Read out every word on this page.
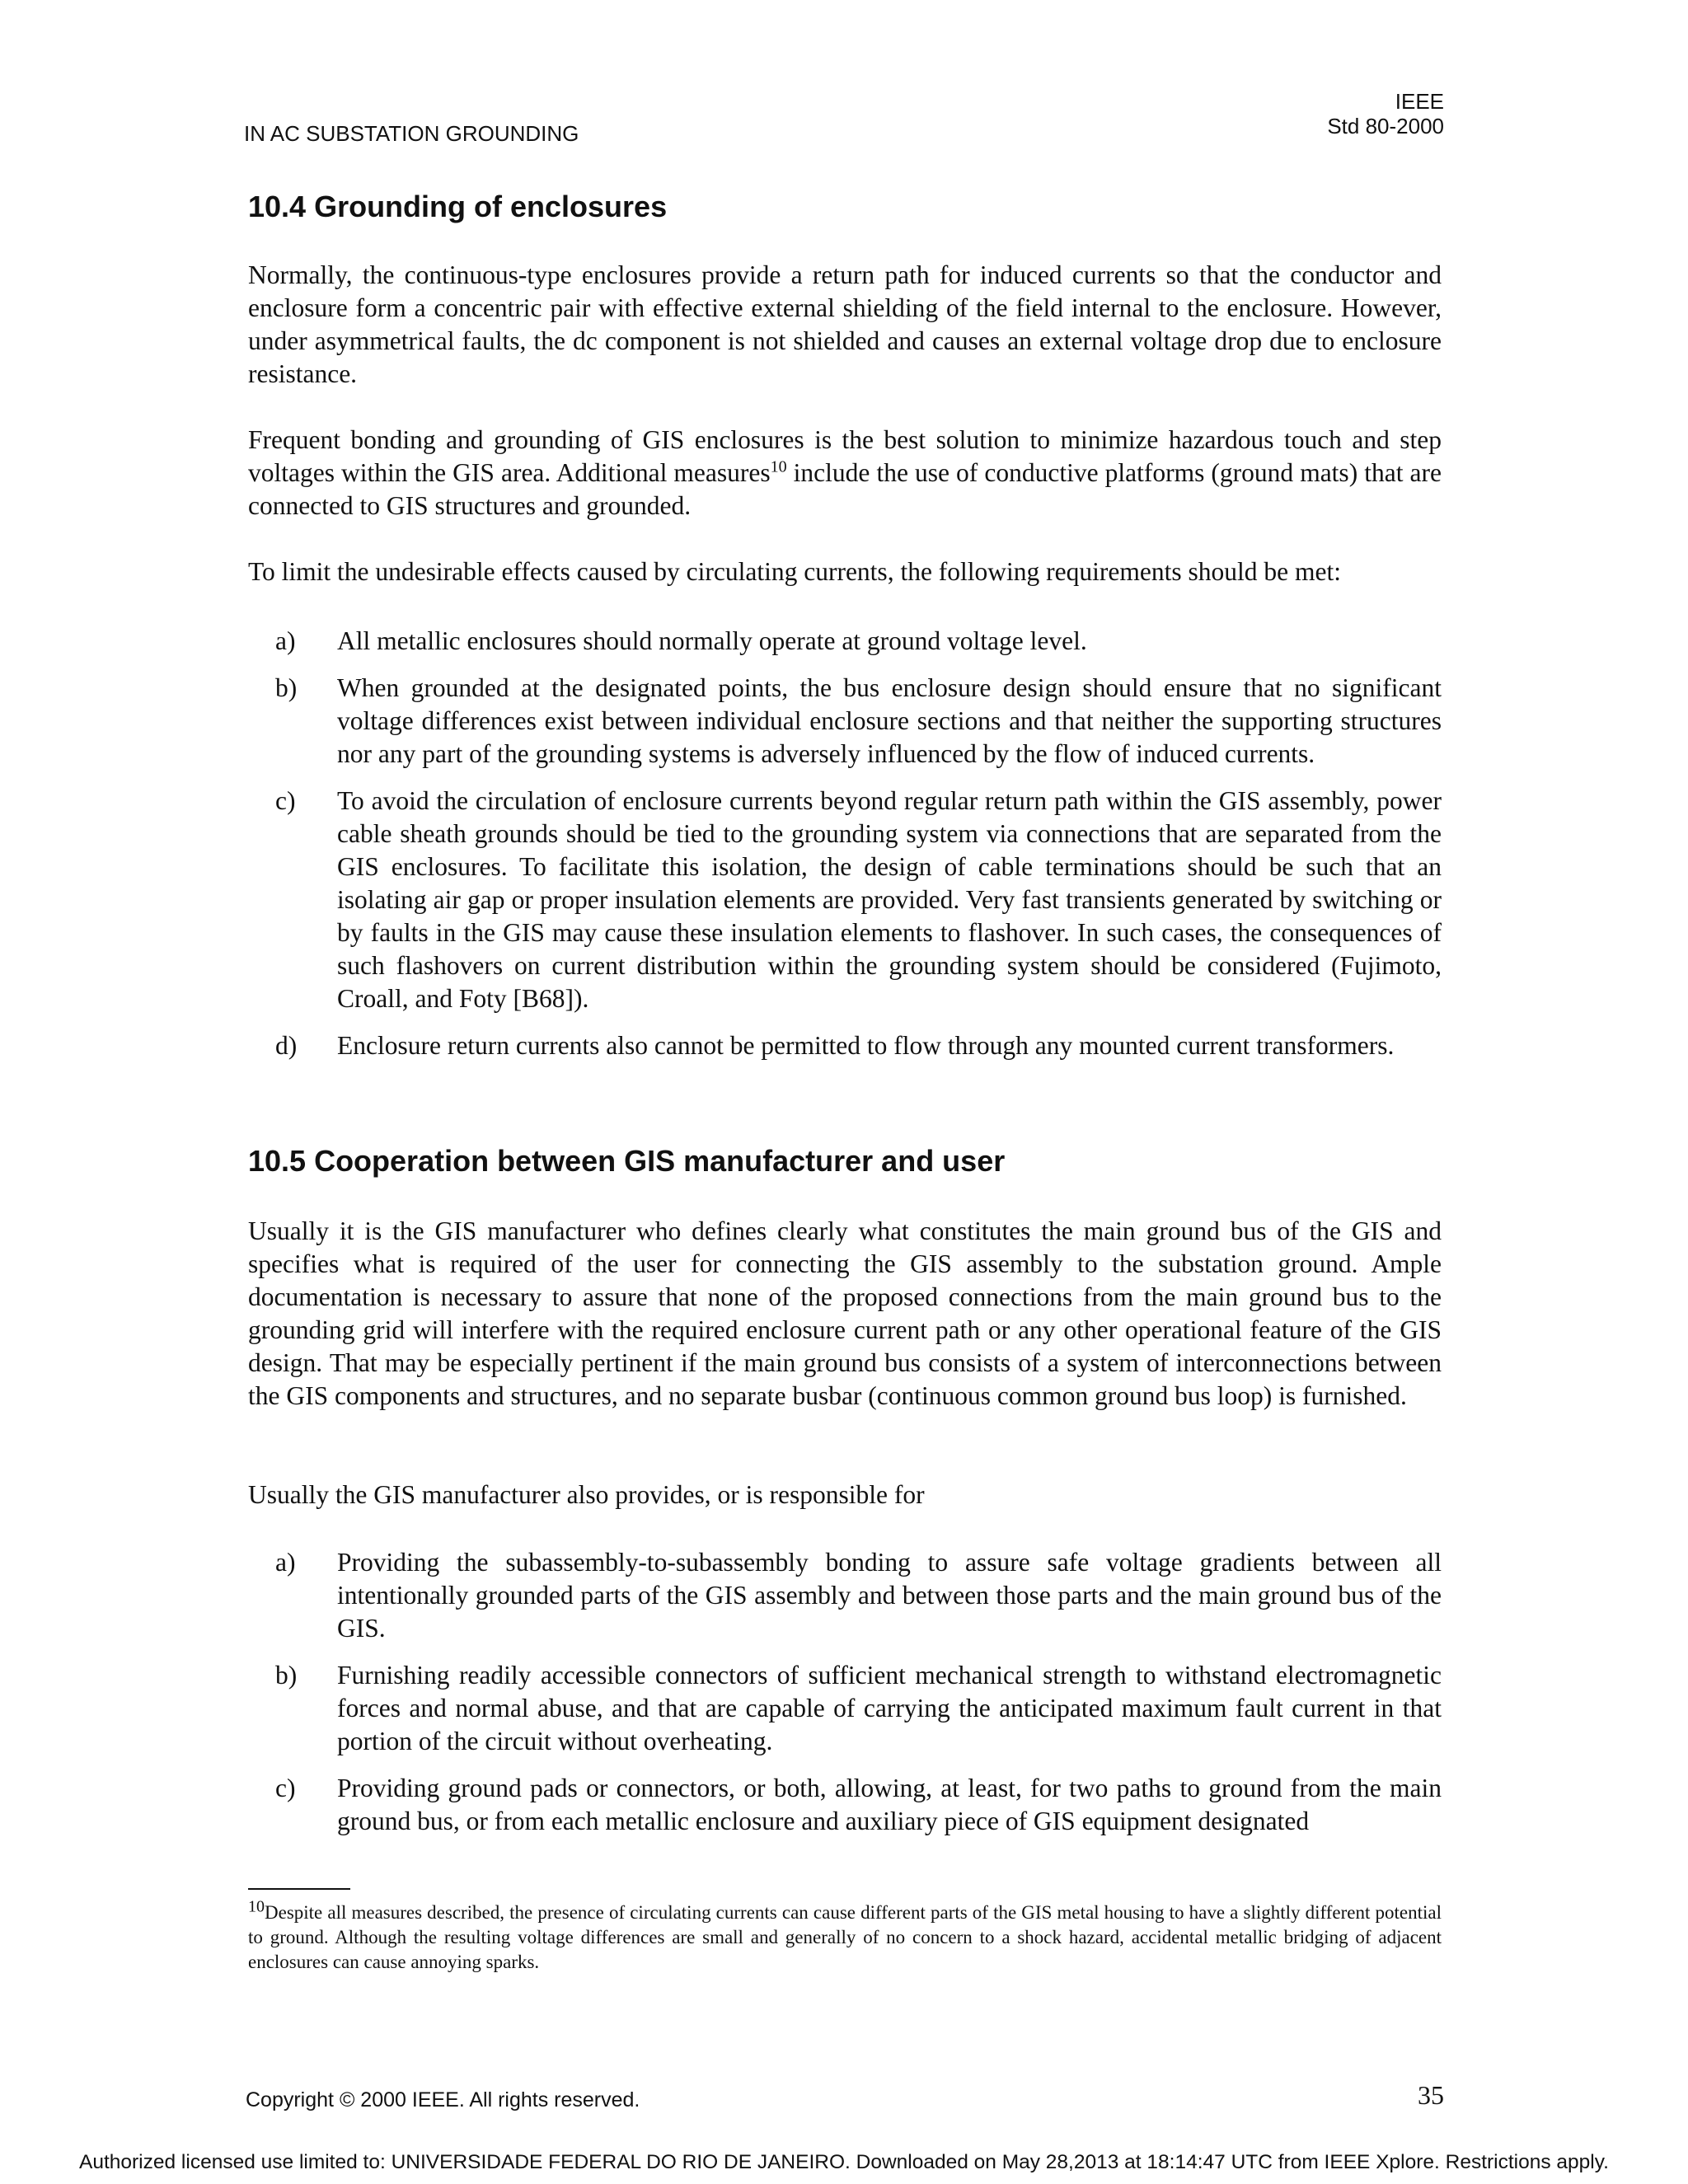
IN AC SUBSTATION GROUNDING
IEEE
Std 80-2000
10.4 Grounding of enclosures

Normally, the continuous-type enclosures provide a return path for induced currents so that the conductor and enclosure form a concentric pair with effective external shielding of the field internal to the enclosure. However, under asymmetrical faults, the dc component is not shielded and causes an external voltage drop due to enclosure resistance.

Frequent bonding and grounding of GIS enclosures is the best solution to minimize hazardous touch and step voltages within the GIS area. Additional measures$^{10}$ include the use of conductive platforms (ground mats) that are connected to GIS structures and grounded.

To limit the undesirable effects caused by circulating currents, the following requirements should be met:

a) All metallic enclosures should normally operate at ground voltage level.
b) When grounded at the designated points, the bus enclosure design should ensure that no significant voltage differences exist between individual enclosure sections and that neither the supporting structures nor any part of the grounding systems is adversely influenced by the flow of induced currents.
c) To avoid the circulation of enclosure currents beyond regular return path within the GIS assembly, power cable sheath grounds should be tied to the grounding system via connections that are separated from the GIS enclosures. To facilitate this isolation, the design of cable terminations should be such that an isolating air gap or proper insulation elements are provided. Very fast transients generated by switching or by faults in the GIS may cause these insulation elements to flashover. In such cases, the consequences of such flashovers on current distribution within the grounding system should be considered (Fujimoto, Croall, and Foty [B68]).
d) Enclosure return currents also cannot be permitted to flow through any mounted current transformers.
10.5 Cooperation between GIS manufacturer and user

Usually it is the GIS manufacturer who defines clearly what constitutes the main ground bus of the GIS and specifies what is required of the user for connecting the GIS assembly to the substation ground. Ample documentation is necessary to assure that none of the proposed connections from the main ground bus to the grounding grid will interfere with the required enclosure current path or any other operational feature of the GIS design. That may be especially pertinent if the main ground bus consists of a system of interconnections between the GIS components and structures, and no separate busbar (continuous common ground bus loop) is furnished.

Usually the GIS manufacturer also provides, or is responsible for

a) Providing the subassembly-to-subassembly bonding to assure safe voltage gradients between all intentionally grounded parts of the GIS assembly and between those parts and the main ground bus of the GIS.
b) Furnishing readily accessible connectors of sufficient mechanical strength to withstand electromagnetic forces and normal abuse, and that are capable of carrying the anticipated maximum fault current in that portion of the circuit without overheating.
c) Providing ground pads or connectors, or both, allowing, at least, for two paths to ground from the main ground bus, or from each metallic enclosure and auxiliary piece of GIS equipment designated

$^{10}$Despite all measures described, the presence of circulating currents can cause different parts of the GIS metal housing to have a slightly different potential to ground. Although the resulting voltage differences are small and generally of no concern to a shock hazard, accidental metallic bridging of adjacent enclosures can cause annoying sparks.

Copyright © 2000 IEEE. All rights reserved.	35
Authorized licensed use limited to: UNIVERSIDADE FEDERAL DO RIO DE JANEIRO. Downloaded on May 28,2013 at 18:14:47 UTC from IEEE Xplore. Restrictions apply.
